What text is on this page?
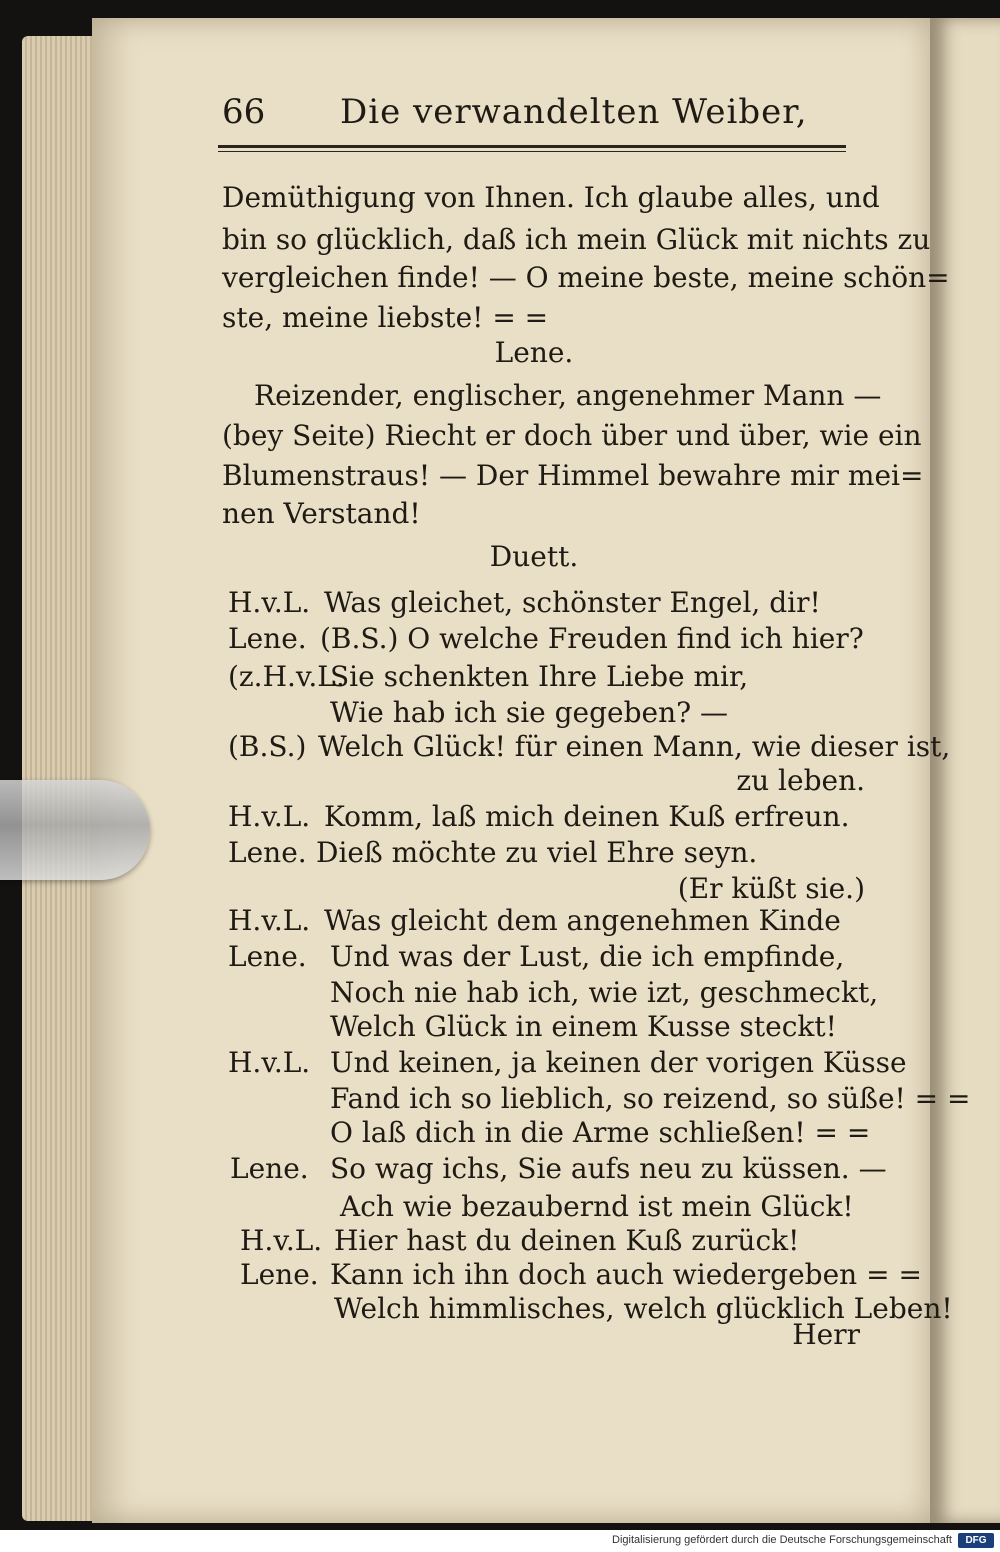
66 Die verwandelten Weiber,
Demüthigung von Ihnen. Ich glaube alles, und
bin so glücklich, daß ich mein Glück mit nichts zu
vergleichen finde! — O meine beste, meine schön=
ste, meine liebste! = =
Lene.
Reizender, englischer, angenehmer Mann —
(bey Seite) Riecht er doch über und über, wie ein
Blumenstraus! — Der Himmel bewahre mir mei=
nen Verstand!
Duett.
H.v.L. Was gleichet, schönster Engel, dir!
Lene. (B.S.) O welche Freuden find ich hier?
(z.H.v.L.
Sie schenkten Ihre Liebe mir,
Wie hab ich sie gegeben? —
(B.S.) Welch Glück! für einen Mann, wie dieser ist,
zu leben.
H.v.L. Komm, laß mich deinen Kuß erfreun.
Lene. Dieß möchte zu viel Ehre seyn.
(Er küßt sie.)
H.v.L. Was gleicht dem angenehmen Kinde
Lene. Und was der Lust, die ich empfinde,
Noch nie hab ich, wie izt, geschmeckt,
Welch Glück in einem Kusse steckt!
H.v.L. Und keinen, ja keinen der vorigen Küsse
Fand ich so lieblich, so reizend, so süße! = =
O laß dich in die Arme schließen! = =
Lene. So wag ichs, Sie aufs neu zu küssen. —
Ach wie bezaubernd ist mein Glück!
H.v.L. Hier hast du deinen Kuß zurück!
Lene. Kann ich ihn doch auch wiedergeben = =
Welch himmlisches, welch glücklich Leben!
Herr
Digitalisierung gefördert durch die Deutsche Forschungsgemeinschaft	DFG
